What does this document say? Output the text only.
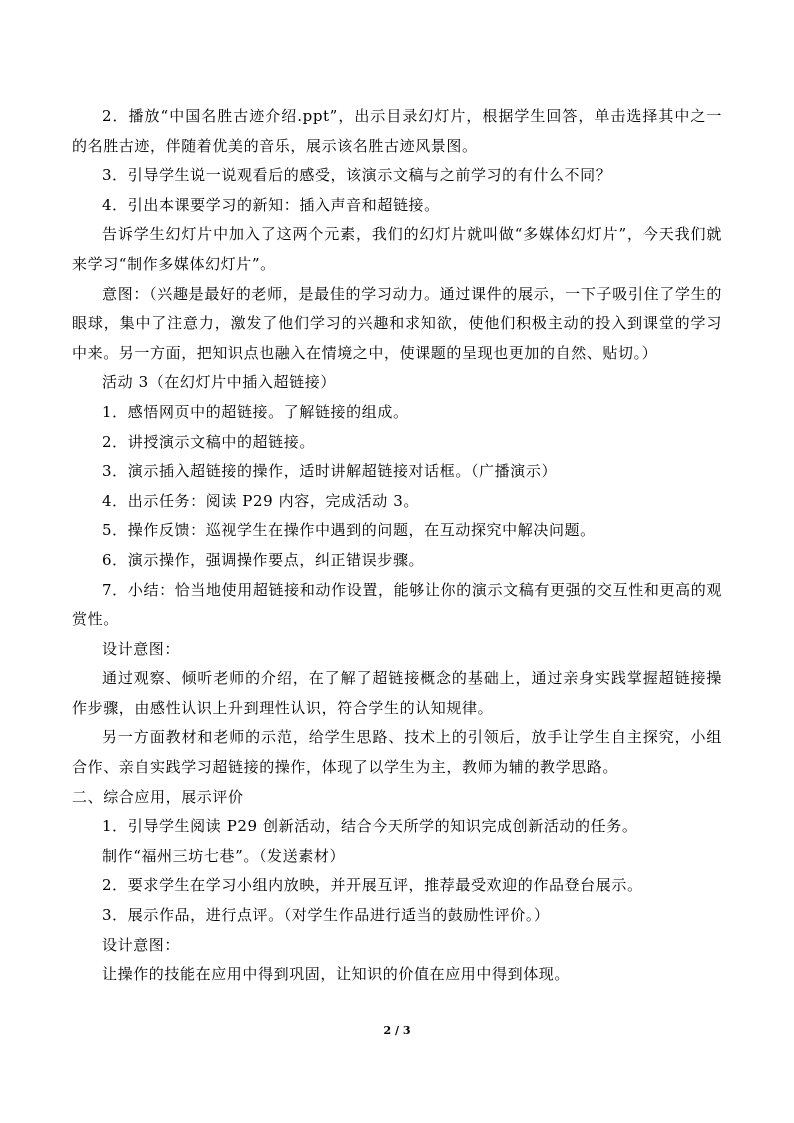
2．播放“中国名胜古迹介绍.ppt”，出示目录幻灯片，根据学生回答，单击选择其中之一的名胜古迹，伴随着优美的音乐，展示该名胜古迹风景图。

3．引导学生说一说观看后的感受，该演示文稿与之前学习的有什么不同？

4．引出本课要学习的新知：插入声音和超链接。

告诉学生幻灯片中加入了这两个元素，我们的幻灯片就叫做“多媒体幻灯片”，今天我们就来学习“制作多媒体幻灯片”。

意图：（兴趣是最好的老师，是最佳的学习动力。通过课件的展示，一下子吸引住了学生的眼球，集中了注意力，激发了他们学习的兴趣和求知欲，使他们积极主动的投入到课堂的学习中来。另一方面，把知识点也融入在情境之中，使课题的呈现也更加的自然、贴切。）

活动 3（在幻灯片中插入超链接）

1．感悟网页中的超链接。了解链接的组成。

2．讲授演示文稿中的超链接。

3．演示插入超链接的操作，适时讲解超链接对话框。（广播演示）

4．出示任务：阅读 P29 内容，完成活动 3。

5．操作反馈：巡视学生在操作中遇到的问题，在互动探究中解决问题。

6．演示操作，强调操作要点，纠正错误步骤。

7．小结：恰当地使用超链接和动作设置，能够让你的演示文稿有更强的交互性和更高的观赏性。

设计意图：

通过观察、倾听老师的介绍，在了解了超链接概念的基础上，通过亲身实践掌握超链接操作步骤，由感性认识上升到理性认识，符合学生的认知规律。

另一方面教材和老师的示范，给学生思路、技术上的引领后，放手让学生自主探究，小组合作、亲自实践学习超链接的操作，体现了以学生为主，教师为辅的教学思路。

二、综合应用，展示评价

1．引导学生阅读 P29 创新活动，结合今天所学的知识完成创新活动的任务。

制作“福州三坊七巷”。（发送素材）

2．要求学生在学习小组内放映，并开展互评，推荐最受欢迎的作品登台展示。

3．展示作品，进行点评。（对学生作品进行适当的鼓励性评价。）

设计意图：

让操作的技能在应用中得到巩固，让知识的价值在应用中得到体现。

2 / 3
